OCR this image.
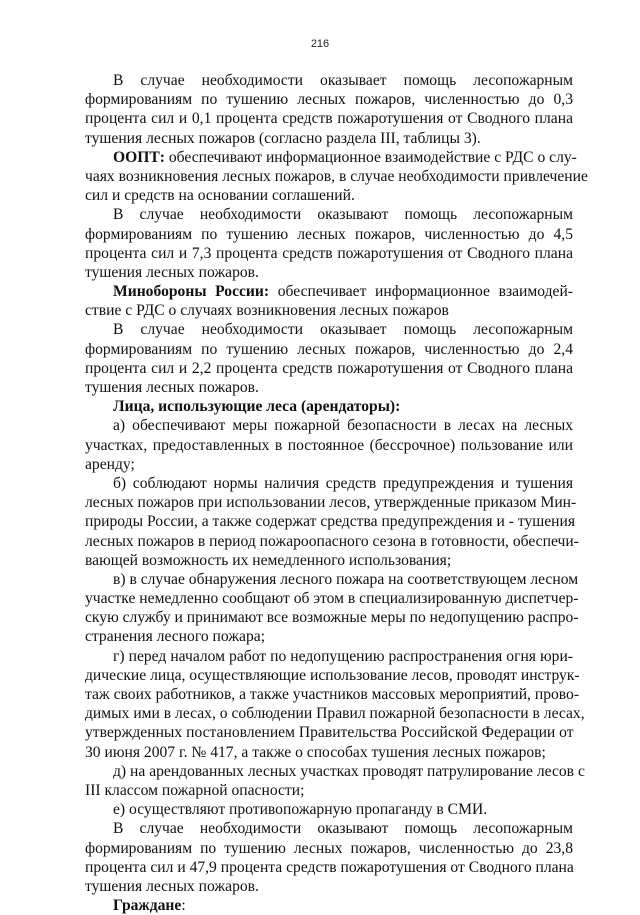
216
В случае необходимости оказывает помощь лесопожарным
формированиям по тушению лесных пожаров, численностью до 0,3
процента сил и 0,1 процента средств пожаротушения от Сводного плана
тушения лесных пожаров (согласно раздела III, таблицы 3).
ООПТ: обеспечивают информационное взаимодействие с РДС о слу-
чаях возникновения лесных пожаров, в случае необходимости привлечение
сил и средств на основании соглашений.
В случае необходимости оказывают помощь лесопожарным
формированиям по тушению лесных пожаров, численностью до 4,5
процента сил и 7,3 процента средств пожаротушения от Сводного плана
тушения лесных пожаров.
Минобороны России: обеспечивает информационное взаимодей-
ствие с РДС о случаях возникновения лесных пожаров
В случае необходимости оказывает помощь лесопожарным
формированиям по тушению лесных пожаров, численностью до 2,4
процента сил и 2,2 процента средств пожаротушения от Сводного плана
тушения лесных пожаров.
Лица, использующие леса (арендаторы):
а) обеспечивают меры пожарной безопасности в лесах на лесных
участках, предоставленных в постоянное (бессрочное) пользование или
аренду;
б) соблюдают нормы наличия средств предупреждения и тушения
лесных пожаров при использовании лесов, утвержденные приказом Мин-
природы России, а также содержат средства предупреждения и - тушения
лесных пожаров в период пожароопасного сезона в готовности, обеспечи-
вающей возможность их немедленного использования;
в) в случае обнаружения лесного пожара на соответствующем лесном
участке немедленно сообщают об этом в специализированную диспетчер-
скую службу и принимают все возможные меры по недопущению распро-
странения лесного пожара;
г) перед началом работ по недопущению распространения огня юри-
дические лица, осуществляющие использование лесов, проводят инструк-
таж своих работников, а также участников массовых мероприятий, прово-
димых ими в лесах, о соблюдении Правил пожарной безопасности в лесах,
утвержденных постановлением Правительства Российской Федерации от
30 июня 2007 г. № 417, а также о способах тушения лесных пожаров;
д) на арендованных лесных участках проводят патрулирование лесов с
III классом пожарной опасности;
е) осуществляют противопожарную пропаганду в СМИ.
В случае необходимости оказывают помощь лесопожарным
формированиям по тушению лесных пожаров, численностью до 23,8
процента сил и 47,9 процента средств пожаротушения от Сводного плана
тушения лесных пожаров.
Граждане:
